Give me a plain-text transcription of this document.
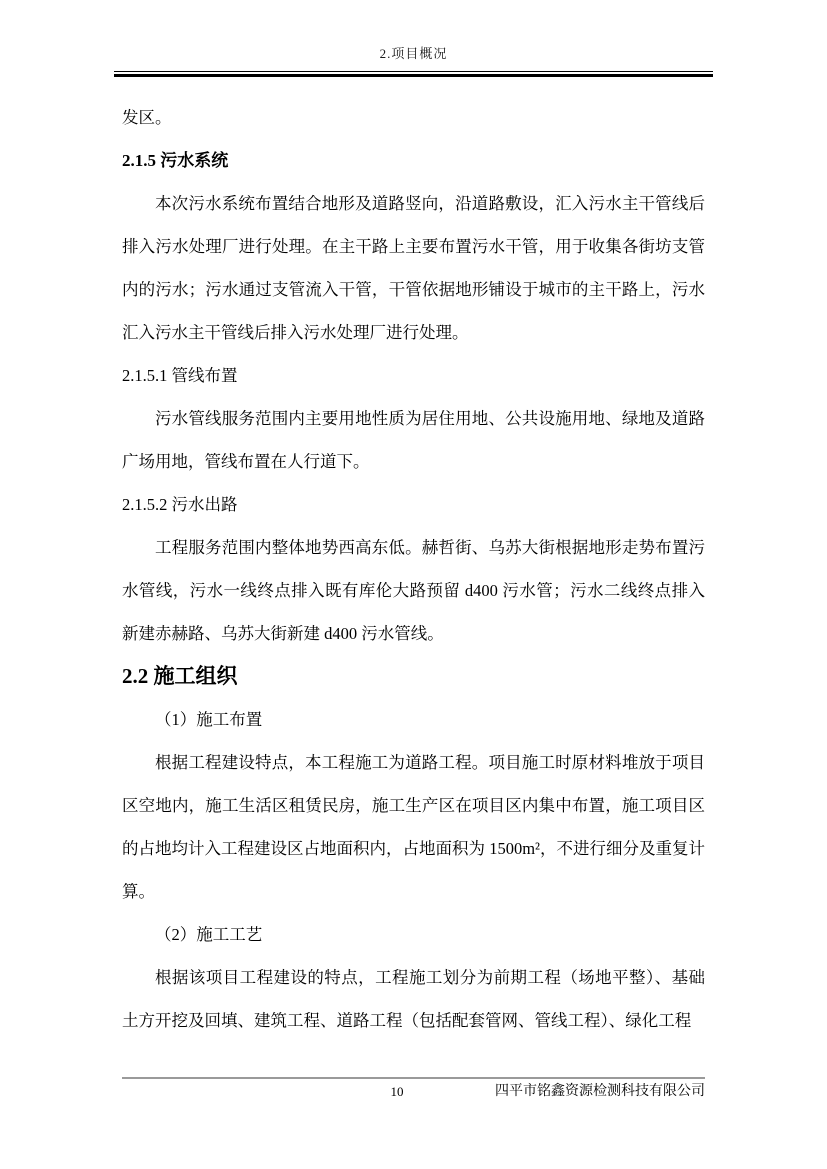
2.项目概况
发区。
2.1.5 污水系统
本次污水系统布置结合地形及道路竖向，沿道路敷设，汇入污水主干管线后排入污水处理厂进行处理。在主干路上主要布置污水干管，用于收集各街坊支管内的污水；污水通过支管流入干管，干管依据地形铺设于城市的主干路上，污水汇入污水主干管线后排入污水处理厂进行处理。
2.1.5.1 管线布置
污水管线服务范围内主要用地性质为居住用地、公共设施用地、绿地及道路广场用地，管线布置在人行道下。
2.1.5.2 污水出路
工程服务范围内整体地势西高东低。赫哲街、乌苏大街根据地形走势布置污水管线，污水一线终点排入既有库伦大路预留 d400 污水管；污水二线终点排入新建赤赫路、乌苏大街新建 d400 污水管线。
2.2 施工组织
（1）施工布置
根据工程建设特点，本工程施工为道路工程。项目施工时原材料堆放于项目区空地内，施工生活区租赁民房，施工生产区在项目区内集中布置，施工项目区的占地均计入工程建设区占地面积内，占地面积为 1500m²，不进行细分及重复计算。
（2）施工工艺
根据该项目工程建设的特点，工程施工划分为前期工程（场地平整）、基础土方开挖及回填、建筑工程、道路工程（包括配套管网、管线工程）、绿化工程
10	四平市铭鑫资源检测科技有限公司
